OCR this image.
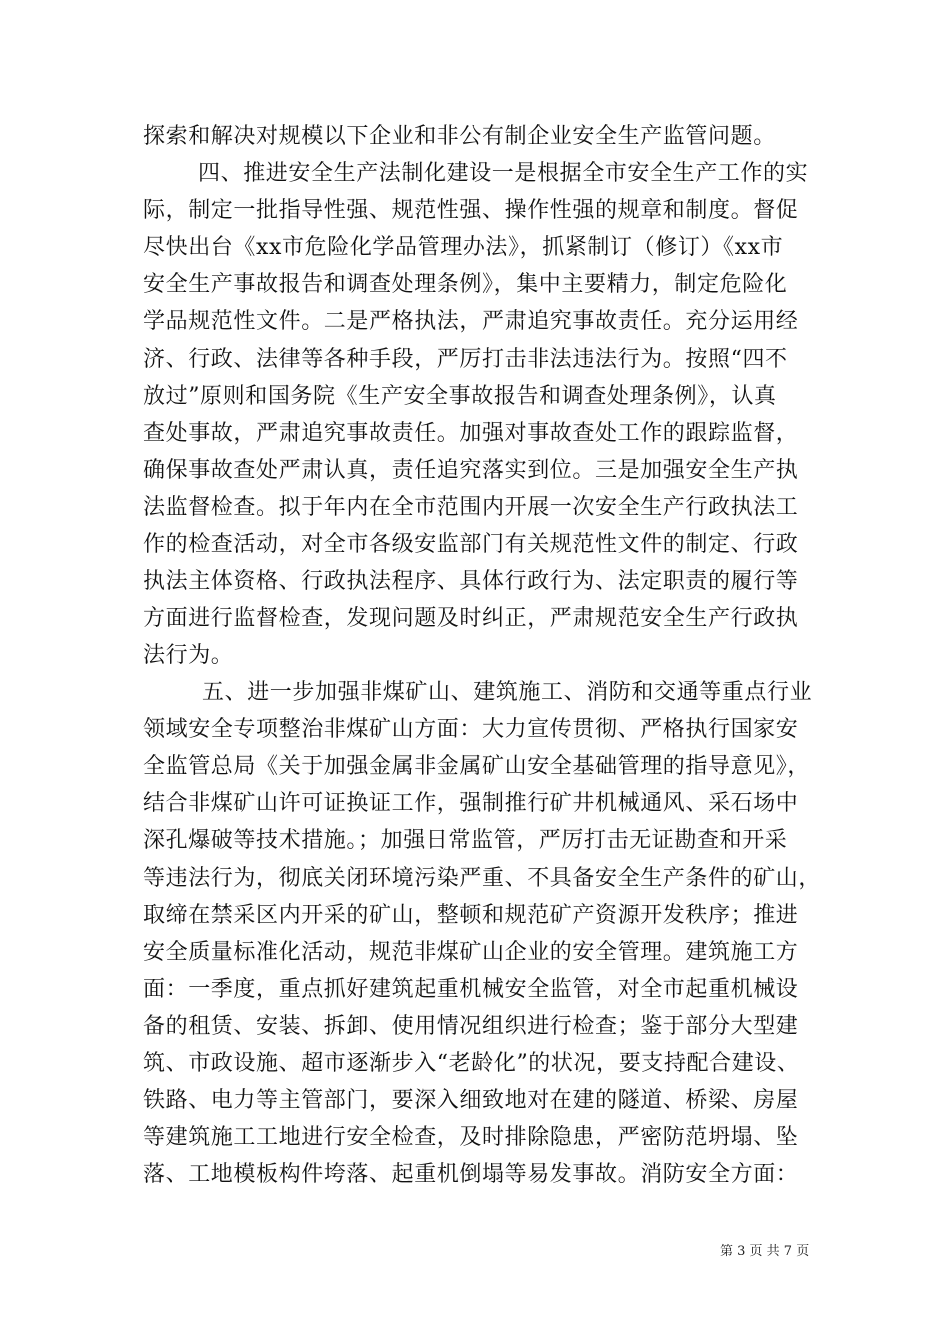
探索和解决对规模以下企业和非公有制企业安全生产监管问题。
四、推进安全生产法制化建设一是根据全市安全生产工作的实
际，制定一批指导性强、规范性强、操作性强的规章和制度。督促
尽快出台《xx市危险化学品管理办法》，抓紧制订（修订）《xx市
安全生产事故报告和调查处理条例》，集中主要精力，制定危险化
学品规范性文件。二是严格执法，严肃追究事故责任。充分运用经
济、行政、法律等各种手段，严厉打击非法违法行为。按照“四不
放过”原则和国务院《生产安全事故报告和调查处理条例》，认真
查处事故，严肃追究事故责任。加强对事故查处工作的跟踪监督，
确保事故查处严肃认真，责任追究落实到位。三是加强安全生产执
法监督检查。拟于年内在全市范围内开展一次安全生产行政执法工
作的检查活动，对全市各级安监部门有关规范性文件的制定、行政
执法主体资格、行政执法程序、具体行政行为、法定职责的履行等
方面进行监督检查，发现问题及时纠正，严肃规范安全生产行政执
法行为。
五、进一步加强非煤矿山、建筑施工、消防和交通等重点行业
领域安全专项整治非煤矿山方面：大力宣传贯彻、严格执行国家安
全监管总局《关于加强金属非金属矿山安全基础管理的指导意见》，
结合非煤矿山许可证换证工作，强制推行矿井机械通风、采石场中
深孔爆破等技术措施。；加强日常监管，严厉打击无证勘查和开采
等违法行为，彻底关闭环境污染严重、不具备安全生产条件的矿山，
取缔在禁采区内开采的矿山，整顿和规范矿产资源开发秩序；推进
安全质量标准化活动，规范非煤矿山企业的安全管理。建筑施工方
面：一季度，重点抓好建筑起重机械安全监管，对全市起重机械设
备的租赁、安装、拆卸、使用情况组织进行检查；鉴于部分大型建
筑、市政设施、超市逐渐步入“老龄化”的状况，要支持配合建设、
铁路、电力等主管部门，要深入细致地对在建的隧道、桥梁、房屋
等建筑施工工地进行安全检查，及时排除隐患，严密防范坍塌、坠
落、工地模板构件垮落、起重机倒塌等易发事故。消防安全方面：
第 3 页 共 7 页
